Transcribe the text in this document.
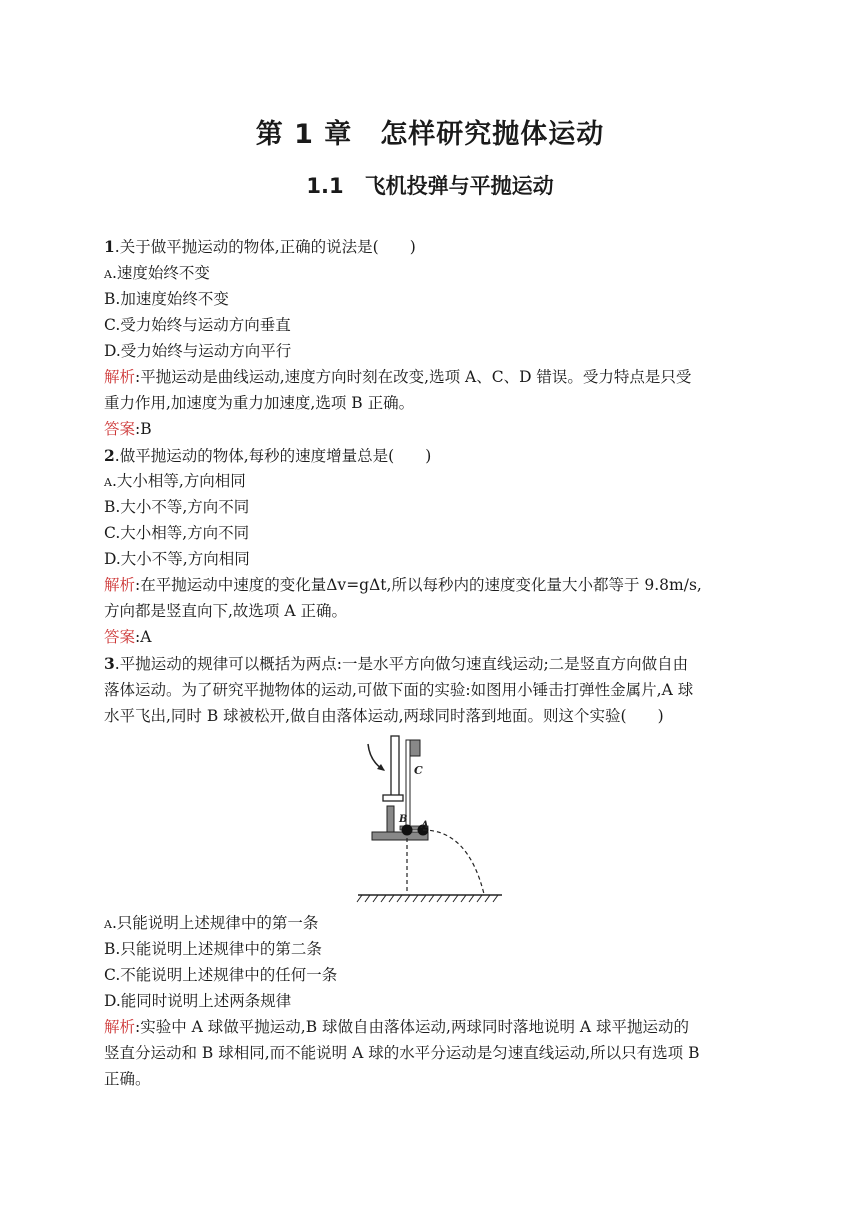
第 1 章　怎样研究抛体运动
1.1　飞机投弹与平抛运动
1.关于做平抛运动的物体,正确的说法是(　　)
A.速度始终不变
B.加速度始终不变
C.受力始终与运动方向垂直
D.受力始终与运动方向平行
解析:平抛运动是曲线运动,速度方向时刻在改变,选项 A、C、D 错误。受力特点是只受
重力作用,加速度为重力加速度,选项 B 正确。
答案:B
2.做平抛运动的物体,每秒的速度增量总是(　　)
A.大小相等,方向相同
B.大小不等,方向不同
C.大小相等,方向不同
D.大小不等,方向相同
解析:在平抛运动中速度的变化量Δv=gΔt,所以每秒内的速度变化量大小都等于 9.8m/s,
方向都是竖直向下,故选项 A 正确。
答案:A
3.平抛运动的规律可以概括为两点:一是水平方向做匀速直线运动;二是竖直方向做自由
落体运动。为了研究平抛物体的运动,可做下面的实验:如图用小锤击打弹性金属片,A 球
水平飞出,同时 B 球被松开,做自由落体运动,两球同时落到地面。则这个实验(　　)
C
B
A
A.只能说明上述规律中的第一条
B.只能说明上述规律中的第二条
C.不能说明上述规律中的任何一条
D.能同时说明上述两条规律
解析:实验中 A 球做平抛运动,B 球做自由落体运动,两球同时落地说明 A 球平抛运动的
竖直分运动和 B 球相同,而不能说明 A 球的水平分运动是匀速直线运动,所以只有选项 B
正确。
